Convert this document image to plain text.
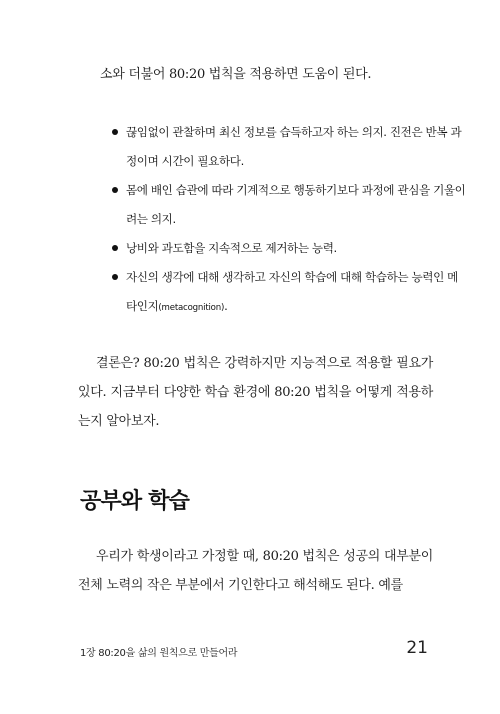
소와 더불어 80:20 법칙을 적용하면 도움이 된다.
끊임없이 관찰하며 최신 정보를 습득하고자 하는 의지. 진전은 반복 과정이며 시간이 필요하다.
몸에 배인 습관에 따라 기계적으로 행동하기보다 과정에 관심을 기울이려는 의지.
낭비와 과도함을 지속적으로 제거하는 능력.
자신의 생각에 대해 생각하고 자신의 학습에 대해 학습하는 능력인 메타인지(metacognition).

결론은? 80:20 법칙은 강력하지만 지능적으로 적용할 필요가 있다. 지금부터 다양한 학습 환경에 80:20 법칙을 어떻게 적용하는지 알아보자.

공부와 학습

우리가 학생이라고 가정할 때, 80:20 법칙은 성공의 대부분이 전체 노력의 작은 부분에서 기인한다고 해석해도 된다. 예를

1장 80:20을 삶의 원칙으로 만들어라	21
